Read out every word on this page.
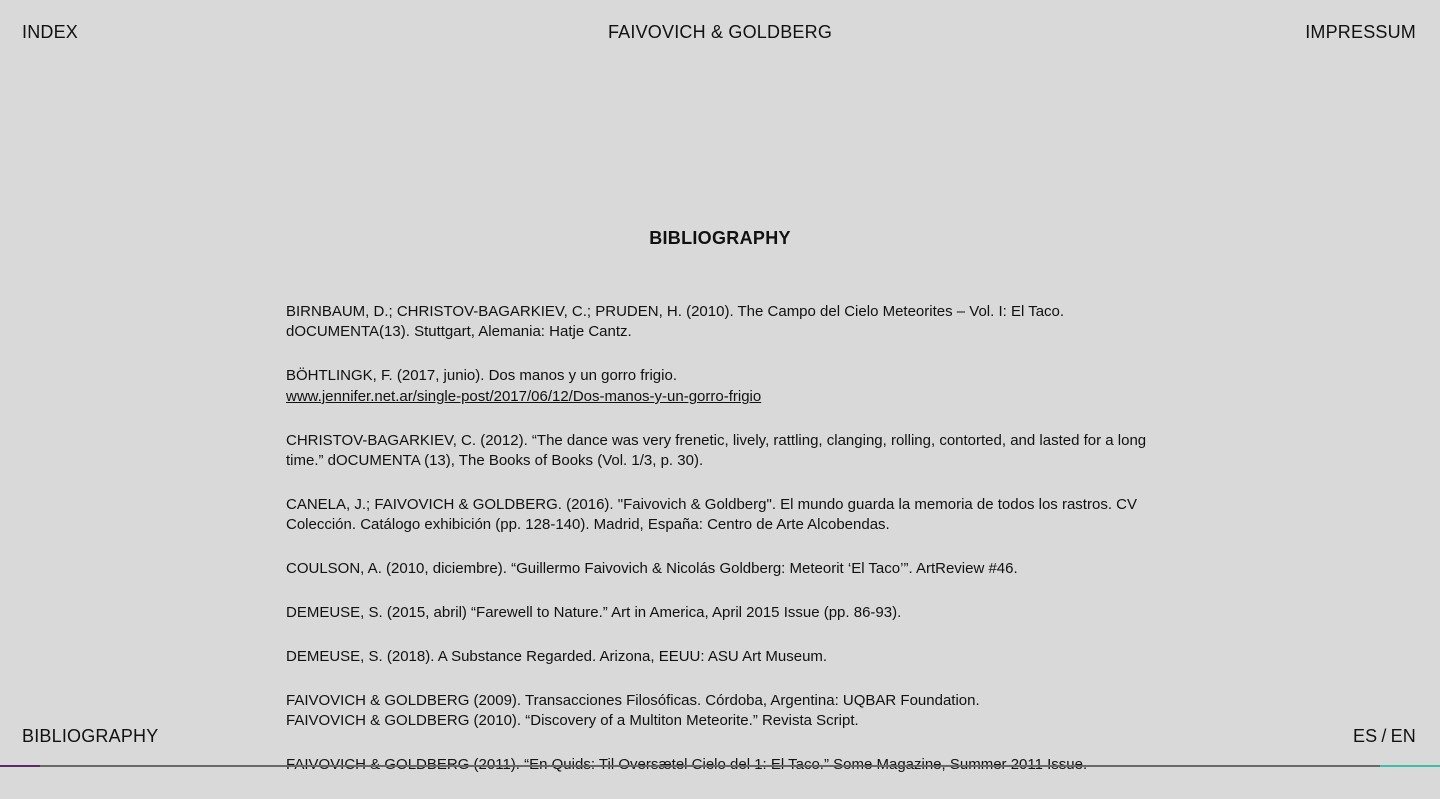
INDEX	FAIVOVICH & GOLDBERG	IMPRESSUM
BIBLIOGRAPHY	ES / EN
BIBLIOGRAPHY
BIRNBAUM, D.; CHRISTOV-BAGARKIEV, C.; PRUDEN, H. (2010). The Campo del Cielo Meteorites – Vol. I: El Taco. dOCUMENTA(13). Stuttgart, Alemania: Hatje Cantz.
BÖHTLINGK, F. (2017, junio). Dos manos y un gorro frigio.
www.jennifer.net.ar/single-post/2017/06/12/Dos-manos-y-un-gorro-frigio
CHRISTOV-BAGARKIEV, C. (2012). “The dance was very frenetic, lively, rattling, clanging, rolling, contorted, and lasted for a long time.” dOCUMENTA (13), The Books of Books (Vol. 1/3, p. 30).
CANELA, J.; FAIVOVICH & GOLDBERG. (2016). "Faivovich & Goldberg". El mundo guarda la memoria de todos los rastros. CV Colección. Catálogo exhibición (pp. 128-140). Madrid, España: Centro de Arte Alcobendas.
COULSON, A. (2010, diciembre). “Guillermo Faivovich & Nicolás Goldberg: Meteorit ‘El Taco’”. ArtReview #46.
DEMEUSE, S. (2015, abril) “Farewell to Nature.” Art in America, April 2015 Issue (pp. 86-93).
DEMEUSE, S. (2018). A Substance Regarded. Arizona, EEUU: ASU Art Museum.
FAIVOVICH & GOLDBERG (2009). Transacciones Filosóficas. Córdoba, Argentina: UQBAR Foundation.
FAIVOVICH & GOLDBERG (2010). “Discovery of a Multiton Meteorite.” Revista Script.
FAIVOVICH & GOLDBERG (2011). “En Quids: Til Oversætel Cielo del 1: El Taco.” Some Magazine, Summer 2011 Issue.
